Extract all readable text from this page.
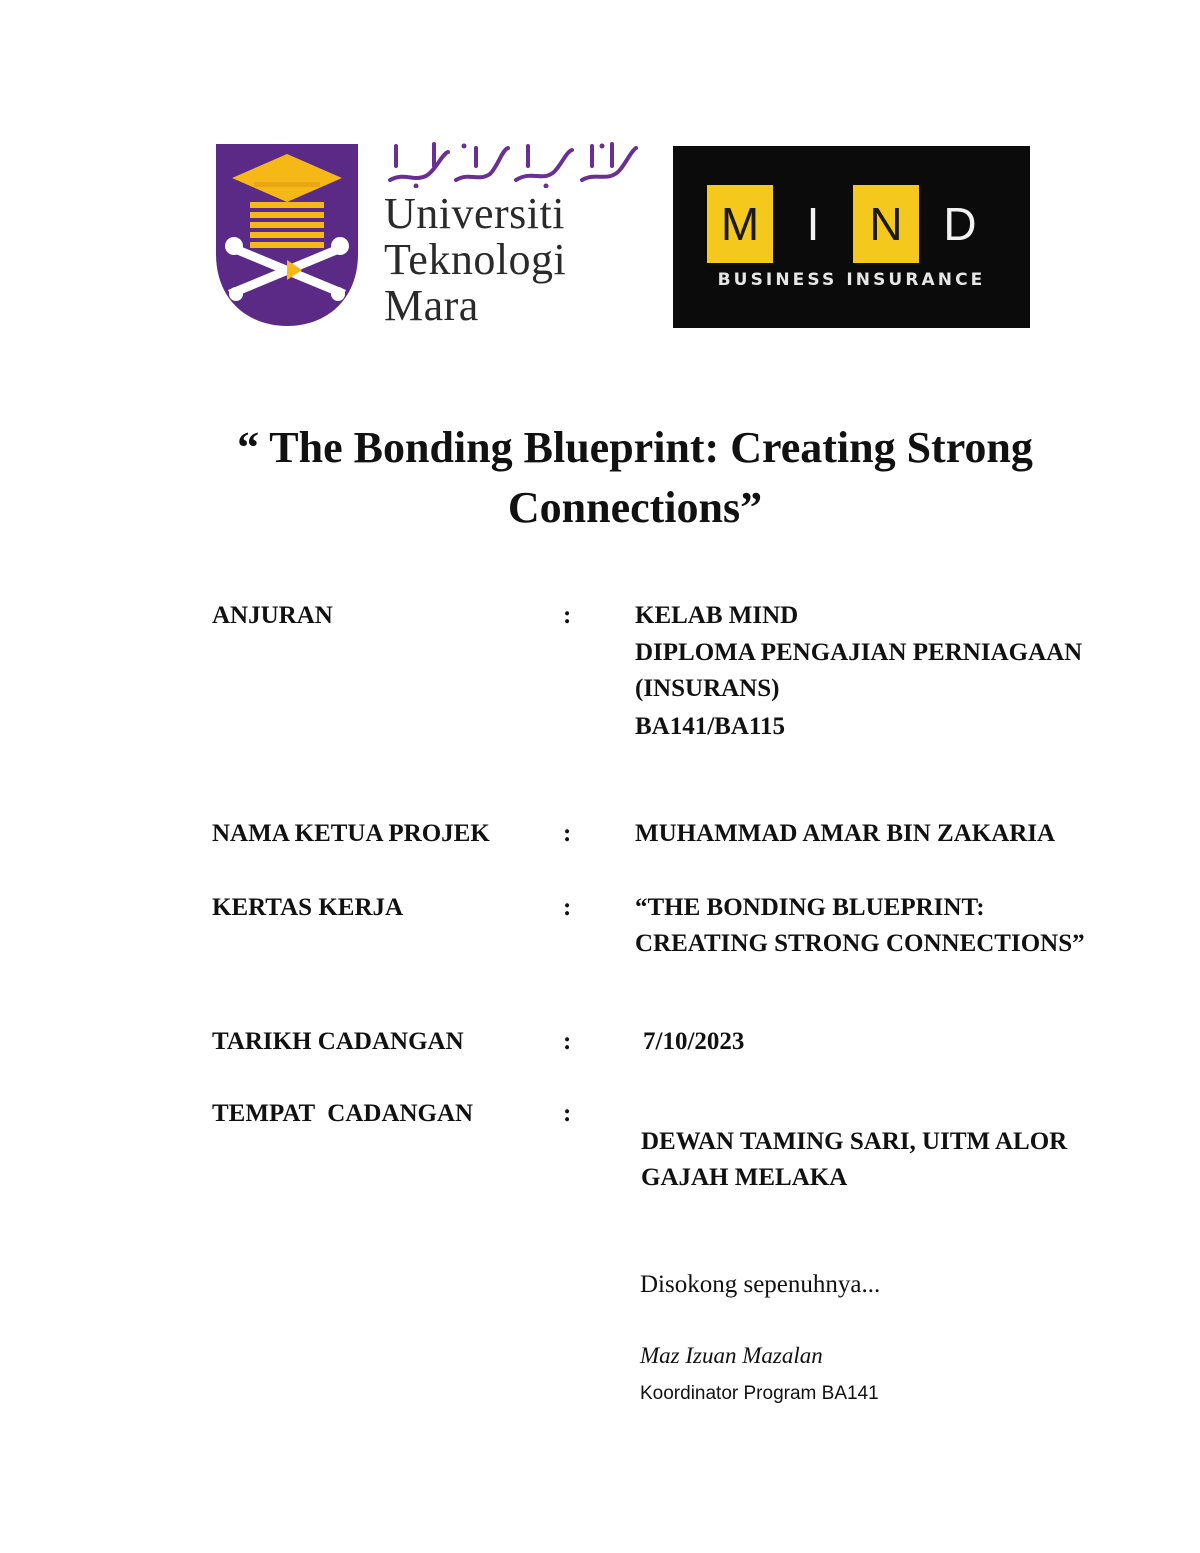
Universiti
Teknologi
Mara
M	I	N D
BUSINESS INSURANCE
“ The Bonding Blueprint: Creating Strong
Connections”
ANJURAN	:	KELAB MIND
DIPLOMA PENGAJIAN PERNIAGAAN
(INSURANS)
BA141/BA115
NAMA KETUA PROJEK	:	MUHAMMAD AMAR BIN ZAKARIA
KERTAS KERJA	:	“THE BONDING BLUEPRINT:
CREATING STRONG CONNECTIONS”
TARIKH CADANGAN	:	7/10/2023
TEMPAT  CADANGAN	:
DEWAN TAMING SARI, UITM ALOR
GAJAH MELAKA
Disokong sepenuhnya...
Maz Izuan Mazalan
Koordinator Program BA141
